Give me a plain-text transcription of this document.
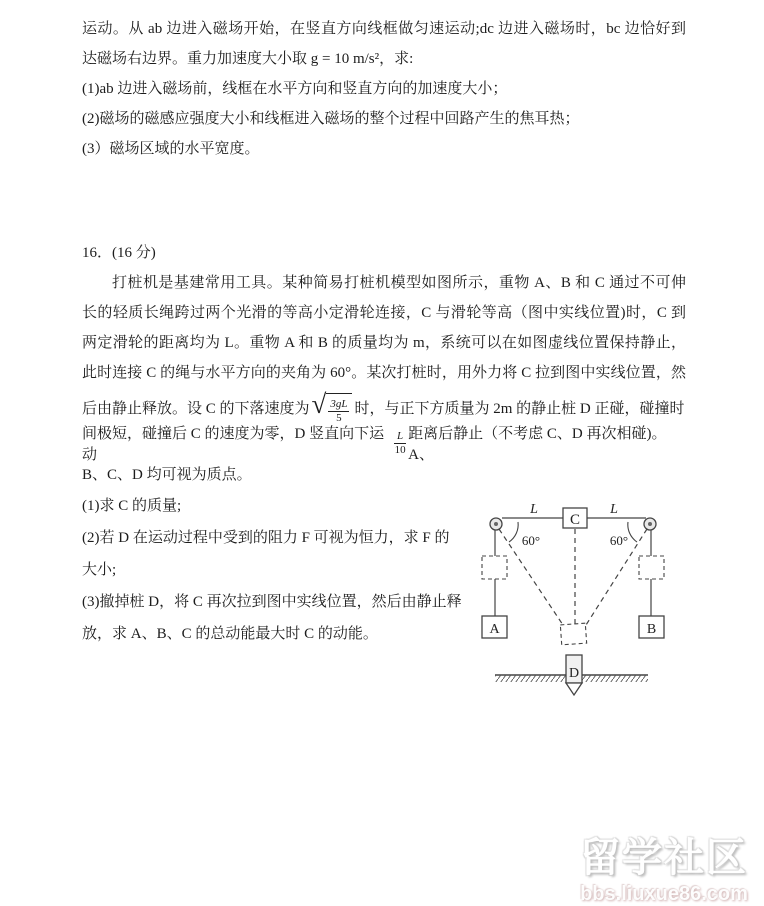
运动。从 ab 边进入磁场开始，在竖直方向线框做匀速运动;dc 边进入磁场时，bc 边恰好到
达磁场右边界。重力加速度大小取 g = 10 m/s²，求:
(1)ab 边进入磁场前，线框在水平方向和竖直方向的加速度大小；
(2)磁场的磁感应强度大小和线框进入磁场的整个过程中回路产生的焦耳热；
(3）磁场区域的水平宽度。
16．(16 分)
打桩机是基建常用工具。某种简易打桩机模型如图所示，重物 A、B 和 C 通过不可伸
长的轻质长绳跨过两个光滑的等高小定滑轮连接，C 与滑轮等高（图中实线位置)时，C 到
两定滑轮的距离均为 L。重物 A 和 B 的质量均为 m，系统可以在如图虚线位置保持静止，
此时连接 C 的绳与水平方向的夹角为 60°。某次打桩时，用外力将 C 拉到图中实线位置，然
后由静止释放。设 C 的下落速度为 √ $\frac{3gL}{5}$ 时，与正下方质量为 2m 的静止桩 D 正碰，碰撞时
间极短，碰撞后 C 的速度为零，D 竖直向下运动	$\frac{L}{10}$ 距离后静止（不考虑 C、D 再次相碰)。A、
B、C、D 均可视为质点。
(1)求 C 的质量;
(2)若 D 在运动过程中受到的阻力 F 可视为恒力，求 F 的
大小;
(3)撤掉桩 D，将 C 再次拉到图中实线位置，然后由静止释
放，求 A、B、C 的总动能最大时 C 的动能。
L	L
C
60°	60°
A	B
D
留学社区
bbs.liuxue86.com
